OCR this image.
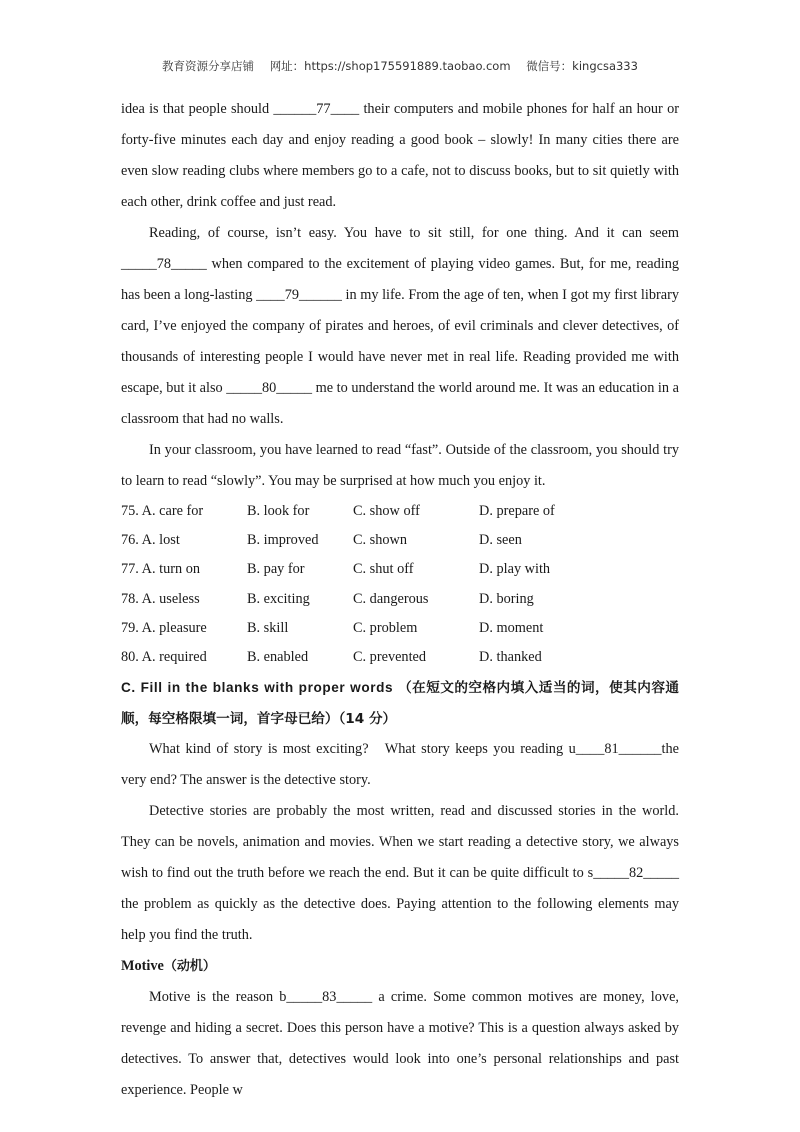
教育资源分享店铺 网址：https://shop175591889.taobao.com 微信号：kingcsa333

idea is that people should ______77____ their computers and mobile phones for half an hour or forty-five minutes each day and enjoy reading a good book – slowly! In many cities there are even slow reading clubs where members go to a cafe, not to discuss books, but to sit quietly with each other, drink coffee and just read.

Reading, of course, isn’t easy. You have to sit still, for one thing. And it can seem _____78_____ when compared to the excitement of playing video games. But, for me, reading has been a long-lasting ____79______ in my life. From the age of ten, when I got my first library card, I’ve enjoyed the company of pirates and heroes, of evil criminals and clever detectives, of thousands of interesting people I would have never met in real life. Reading provided me with escape, but it also _____80_____ me to understand the world around me. It was an education in a classroom that had no walls.

In your classroom, you have learned to read “fast”. Outside of the classroom, you should try to learn to read “slowly”. You may be surprised at how much you enjoy it.

75. A. care for	B. look for	C. show off	D. prepare of
76. A. lost	B. improved	C. shown	D. seen
77. A. turn on	B. pay for	C. shut off	D. play with
78. A. useless	B. exciting	C. dangerous	D. boring
79. A. pleasure	B. skill	C. problem	D. moment
80. A. required	B. enabled	C. prevented	D. thanked
C. Fill in the blanks with proper words （在短文的空格内填入适当的词，使其内容通顺，每空格限填一词，首字母已给）（14 分）

What kind of story is most exciting?   What story keeps you reading u____81______the very end? The answer is the detective story.

Detective stories are probably the most written, read and discussed stories in the world. They can be novels, animation and movies. When we start reading a detective story, we always wish to find out the truth before we reach the end. But it can be quite difficult to s_____82_____ the problem as quickly as the detective does. Paying attention to the following elements may help you find the truth.

Motive（动机）

Motive is the reason b_____83_____ a crime. Some common motives are money, love, revenge and hiding a secret. Does this person have a motive? This is a question always asked by detectives. To answer that, detectives would look into one’s personal relationships and past experience. People w
